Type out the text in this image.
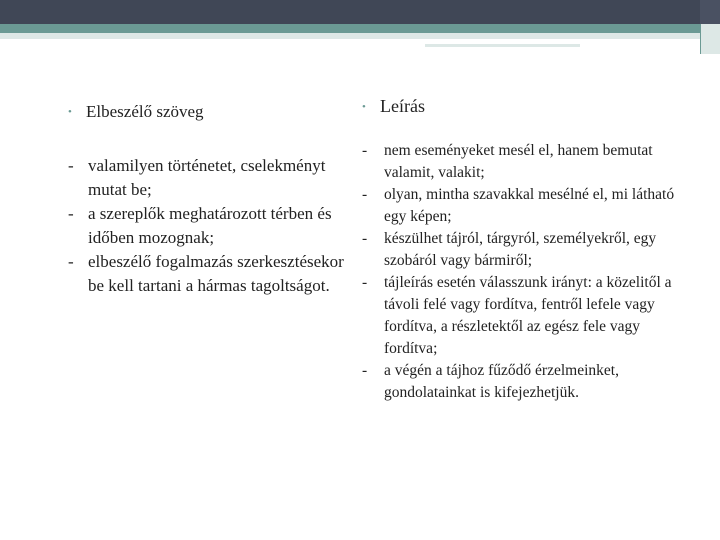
• Elbeszélő szöveg
- valamilyen történetet, cselekményt mutat be;
- a szereplők meghatározott térben és időben mozognak;
- elbeszélő fogalmazás szerkesztésekor be kell tartani a hármas tagoltságot.
• Leírás
-	nem eseményeket mesél el, hanem bemutat valamit, valakit;
-	olyan, mintha szavakkal mesélné el, mi látható egy képen;
-	készülhet tájról, tárgyról, személyekről, egy szobáról vagy bármiről;
-	tájleírás esetén válasszunk irányt: a közelitől a távoli felé vagy fordítva, fentről lefele vagy fordítva, a részletektől az egész fele vagy fordítva;
-	a végén a tájhoz fűződő érzelmeinket, gondolatainkat is kifejezhetjük.
